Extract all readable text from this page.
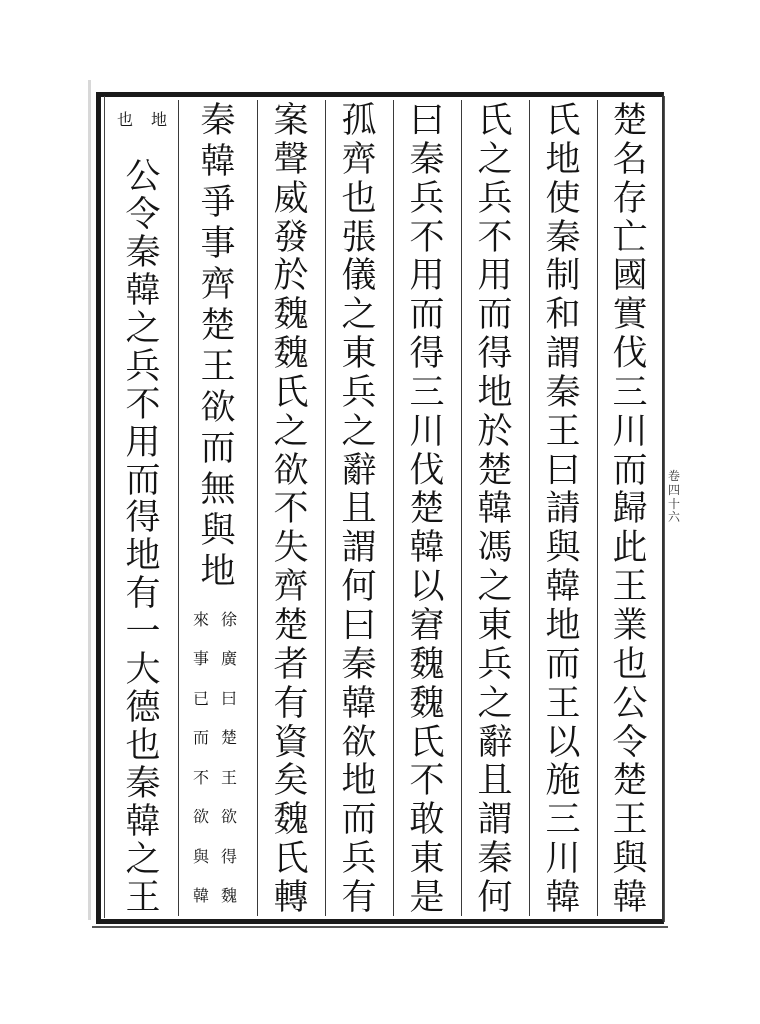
楚
名
存
亡
國
實
伐
三
川
而
歸
此
王
業
也
公
令
楚
王
與
韓
氏
地
使
秦
制
和
謂
秦
王
曰
請
與
韓
地
而
王
以
施
三
川
韓
氏
之
兵
不
用
而
得
地
於
楚
韓
馮
之
東
兵
之
辭
且
謂
秦
何
曰
秦
兵
不
用
而
得
三
川
伐
楚
韓
以
窘
魏
魏
氏
不
敢
東
是
孤
齊
也
張
儀
之
東
兵
之
辭
且
謂
何
曰
秦
韓
欲
地
而
兵
有
案
聲
威
發
於
魏
魏
氏
之
欲
不
失
齊
楚
者
有
資
矣
魏
氏
轉
秦
韓
爭
事
齊
楚
王
欲
而
無
與
地
徐
廣
曰
楚
王
欲
得
魏
來
事
已
而
不
欲
與
韓
地
也
公
令
秦
韓
之
兵
不
用
而
得
地
有
一
大
德
也
秦
韓
之
王
卷
四
十
六
